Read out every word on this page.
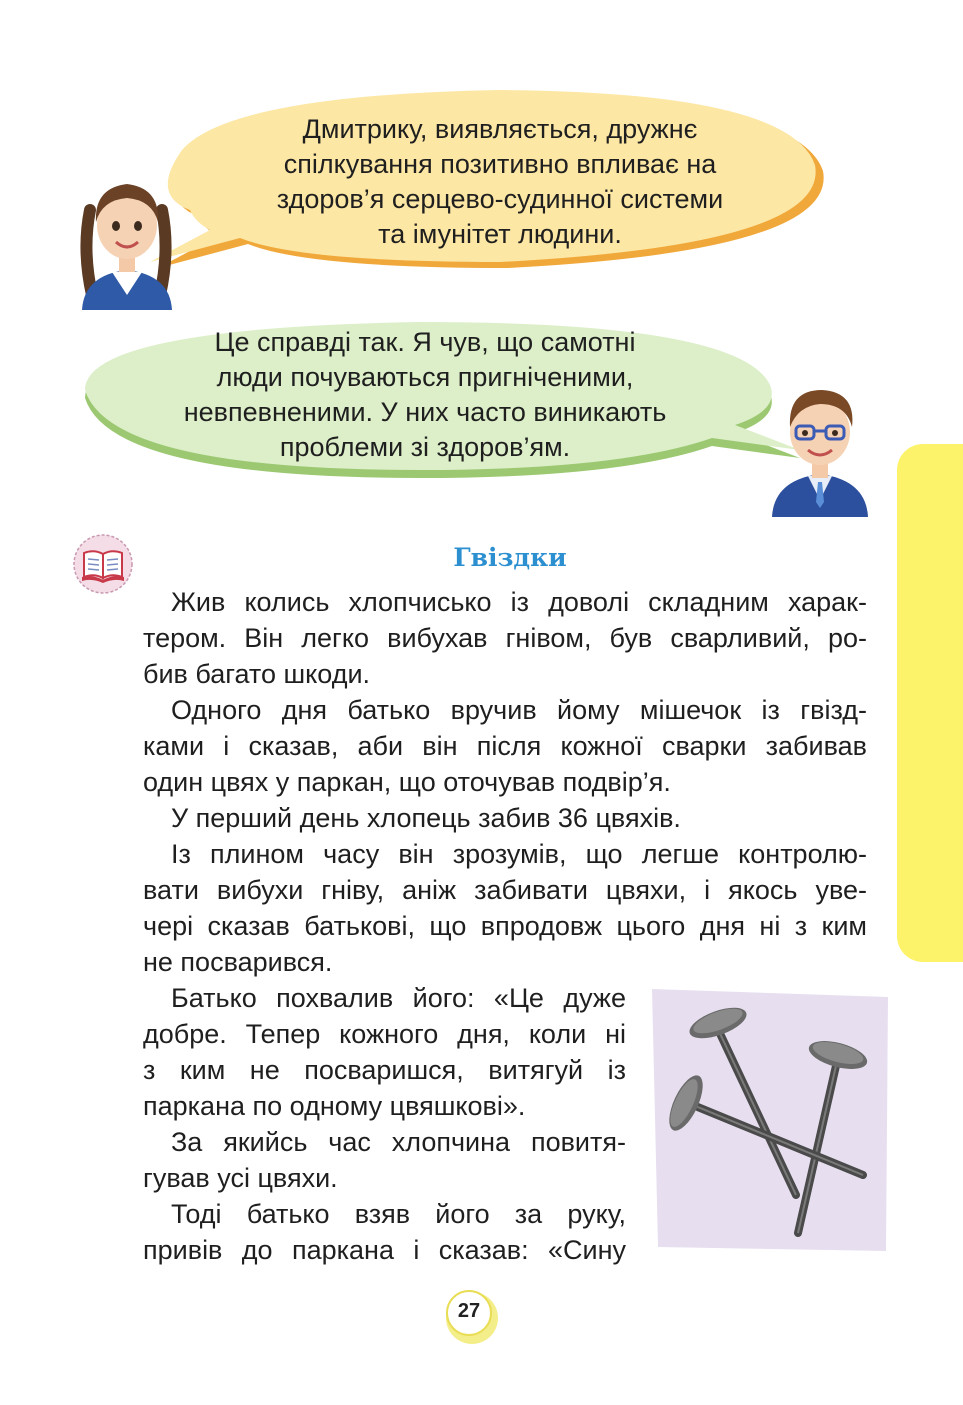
Дмитрику, виявляється, дружнє
спілкування позитивно впливає на
здоров’я серцево-судинної системи
та імунітет людини.
Це справді так. Я чув, що самотні
люди почуваються пригніченими,
невпевненими. У них часто виникають
проблеми зі здоров’ям.
Гвіздки
Жив колись хлопчисько із доволі складним харак-
тером. Він легко вибухав гнівом, був сварливий, ро-
бив багато шкоди.
Одного дня батько вручив йому мішечок із гвізд-
ками і сказав, аби він після кожної сварки забивав
один цвях у паркан, що оточував подвір’я.
У перший день хлопець забив 36 цвяхів.
Із плином часу він зрозумів, що легше контролю-
вати вибухи гніву, аніж забивати цвяхи, і якось уве-
чері сказав батькові, що впродовж цього дня ні з ким
не посварився.
Батько похвалив його: «Це дуже
добре. Тепер кожного дня, коли ні
з ким не посваришся, витягуй із
паркана по одному цвяшкові».
За якийсь час хлопчина повитя-
гував усі цвяхи.
Тоді батько взяв його за руку,
привів до паркана і сказав: «Сину
27
